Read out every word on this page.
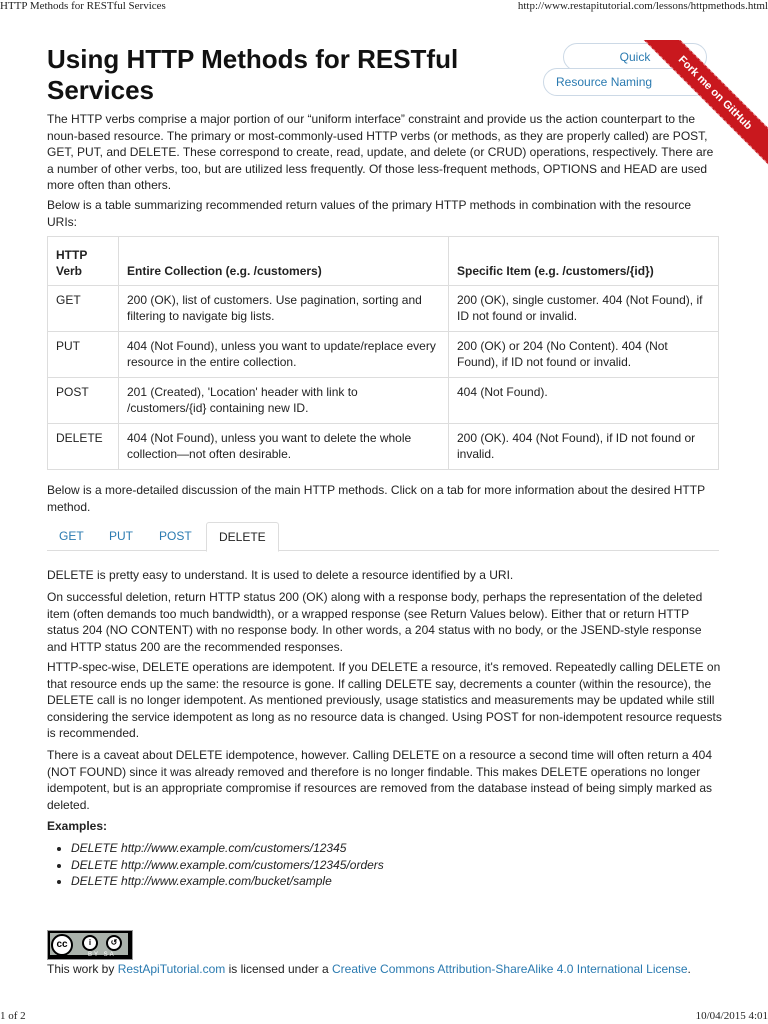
HTTP Methods for RESTful Services	http://www.restapitutorial.com/lessons/httpmethods.html
Using HTTP Methods for RESTful Services
Quick
Resource Naming	Fork me on GitHub

The HTTP verbs comprise a major portion of our “uniform interface” constraint and provide us the action counterpart to the noun-based resource. The primary or most-commonly-used HTTP verbs (or methods, as they are properly called) are POST, GET, PUT, and DELETE. These correspond to create, read, update, and delete (or CRUD) operations, respectively. There are a number of other verbs, too, but are utilized less frequently. Of those less-frequent methods, OPTIONS and HEAD are used more often than others.

Below is a table summarizing recommended return values of the primary HTTP methods in combination with the resource URIs:

HTTP Verb	Entire Collection (e.g. /customers)	Specific Item (e.g. /customers/{id})
GET	200 (OK), list of customers. Use pagination, sorting and filtering to navigate big lists.	200 (OK), single customer. 404 (Not Found), if ID not found or invalid.
PUT	404 (Not Found), unless you want to update/replace every resource in the entire collection.	200 (OK) or 204 (No Content). 404 (Not Found), if ID not found or invalid.
POST	201 (Created), 'Location' header with link to /customers/{id} containing new ID.	404 (Not Found).
DELETE	404 (Not Found), unless you want to delete the whole collection—not often desirable.	200 (OK). 404 (Not Found), if ID not found or invalid.

Below is a more-detailed discussion of the main HTTP methods. Click on a tab for more information about the desired HTTP method.

GET	PUT	POST	DELETE

DELETE is pretty easy to understand. It is used to delete a resource identified by a URI.

On successful deletion, return HTTP status 200 (OK) along with a response body, perhaps the representation of the deleted item (often demands too much bandwidth), or a wrapped response (see Return Values below). Either that or return HTTP status 204 (NO CONTENT) with no response body. In other words, a 204 status with no body, or the JSEND-style response and HTTP status 200 are the recommended responses.

HTTP-spec-wise, DELETE operations are idempotent. If you DELETE a resource, it's removed. Repeatedly calling DELETE on that resource ends up the same: the resource is gone. If calling DELETE say, decrements a counter (within the resource), the DELETE call is no longer idempotent. As mentioned previously, usage statistics and measurements may be updated while still considering the service idempotent as long as no resource data is changed. Using POST for non-idempotent resource requests is recommended.

There is a caveat about DELETE idempotence, however. Calling DELETE on a resource a second time will often return a 404 (NOT FOUND) since it was already removed and therefore is no longer findable. This makes DELETE operations no longer idempotent, but is an appropriate compromise if resources are removed from the database instead of being simply marked as deleted.

Examples:
• DELETE http://www.example.com/customers/12345
• DELETE http://www.example.com/customers/12345/orders
• DELETE http://www.example.com/bucket/sample
cc	i	↺
BY SA
This work by RestApiTutorial.com is licensed under a Creative Commons Attribution-ShareAlike 4.0 International License.
1 of 2	10/04/2015 4:01
